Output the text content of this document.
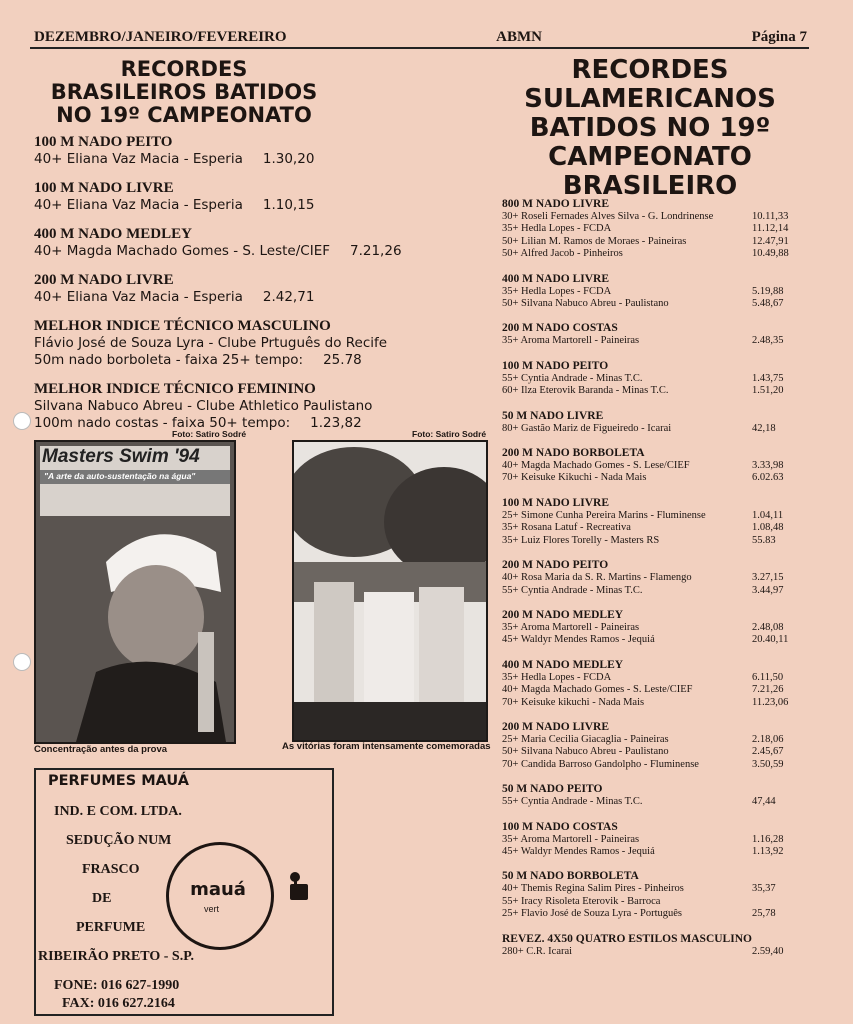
DEZEMBRO/JANEIRO/FEVEREIRO	ABMN	Página 7
RECORDES
BRASILEIROS BATIDOS
NO 19º CAMPEONATO
100 M NADO PEITO
40+ Eliana Vaz Macia - Esperia 1.30,20
100 M NADO LIVRE
40+ Eliana Vaz Macia - Esperia 1.10,15
400 M NADO MEDLEY
40+ Magda Machado Gomes - S. Leste/CIEF 7.21,26
200 M NADO LIVRE
40+ Eliana Vaz Macia - Esperia 2.42,71
MELHOR INDICE TÉCNICO MASCULINO
Flávio José de Souza Lyra - Clube Prtuguês do Recife
50m nado borboleta - faixa 25+ tempo: 25.78
MELHOR INDICE TÉCNICO FEMININO
Silvana Nabuco Abreu - Clube Athletico Paulistano
100m nado costas - faixa 50+ tempo: 1.23,82
Foto: Satiro Sodré	Foto: Satiro Sodré
Masters Swim '94
"A arte da auto-sustentação na água"
Concentração antes da prova	As vitórias foram intensamente comemoradas
PERFUMES MAUÁ
IND. E COM. LTDA.
SEDUÇÃO NUM
FRASCO
DE
PERFUME
RIBEIRÃO PRETO - S.P.
FONE: 016 627-1990
FAX: 016 627.2164
mauá
vert
RECORDES
SULAMERICANOS
BATIDOS NO 19º
CAMPEONATO
BRASILEIRO
800 M NADO LIVRE
30+ Roseli Fernades Alves Silva - G. Londrinense	10.11,33
35+ Hedla Lopes - FCDA	11.12,14
50+ Lilian M. Ramos de Moraes - Paineiras	12.47,91
50+ Alfred Jacob - Pinheiros	10.49,88
400 M NADO LIVRE
35+ Hedla Lopes - FCDA	5.19,88
50+ Silvana Nabuco Abreu - Paulistano	5.48,67
200 M NADO COSTAS
35+ Aroma Martorell - Paineiras	2.48,35
100 M NADO PEITO
55+ Cyntia Andrade - Minas T.C.	1.43,75
60+ Ilza Eterovik Baranda - Minas T.C.	1.51,20
50 M NADO LIVRE
80+ Gastão Mariz de Figueiredo - Icarai	42,18
200 M NADO BORBOLETA
40+ Magda Machado Gomes - S. Lese/CIEF	3.33,98
70+ Keisuke Kikuchi - Nada Mais	6.02.63
100 M NADO LIVRE
25+ Simone Cunha Pereira Marins - Fluminense	1.04,11
35+ Rosana Latuf - Recreativa	1.08,48
35+ Luiz Flores Torelly - Masters RS	55.83
200 M NADO PEITO
40+ Rosa Maria da S. R. Martins - Flamengo	3.27,15
55+ Cyntia Andrade - Minas T.C.	3.44,97
200 M NADO MEDLEY
35+ Aroma Martorell - Paineiras	2.48,08
45+ Waldyr Mendes Ramos - Jequiá	20.40,11
400 M NADO MEDLEY
35+ Hedla Lopes - FCDA	6.11,50
40+ Magda Machado Gomes - S. Leste/CIEF	7.21,26
70+ Keisuke kikuchi - Nada Mais	11.23,06
200 M NADO LIVRE
25+ Maria Cecilia Giacaglia - Paineiras	2.18,06
50+ Silvana Nabuco Abreu - Paulistano	2.45,67
70+ Candida Barroso Gandolpho - Fluminense	3.50,59
50 M NADO PEITO
55+ Cyntia Andrade - Minas T.C.	47,44
100 M NADO COSTAS
35+ Aroma Martorell - Paineiras	1.16,28
45+ Waldyr Mendes Ramos - Jequiá	1.13,92
50 M NADO BORBOLETA
40+ Themis Regina Salim Pires - Pinheiros	35,37
55+ Iracy Risoleta Eterovik - Barroca
25+ Flavio José de Souza Lyra - Português	25,78
REVEZ. 4X50 QUATRO ESTILOS MASCULINO
280+ C.R. Icarai	2.59,40
